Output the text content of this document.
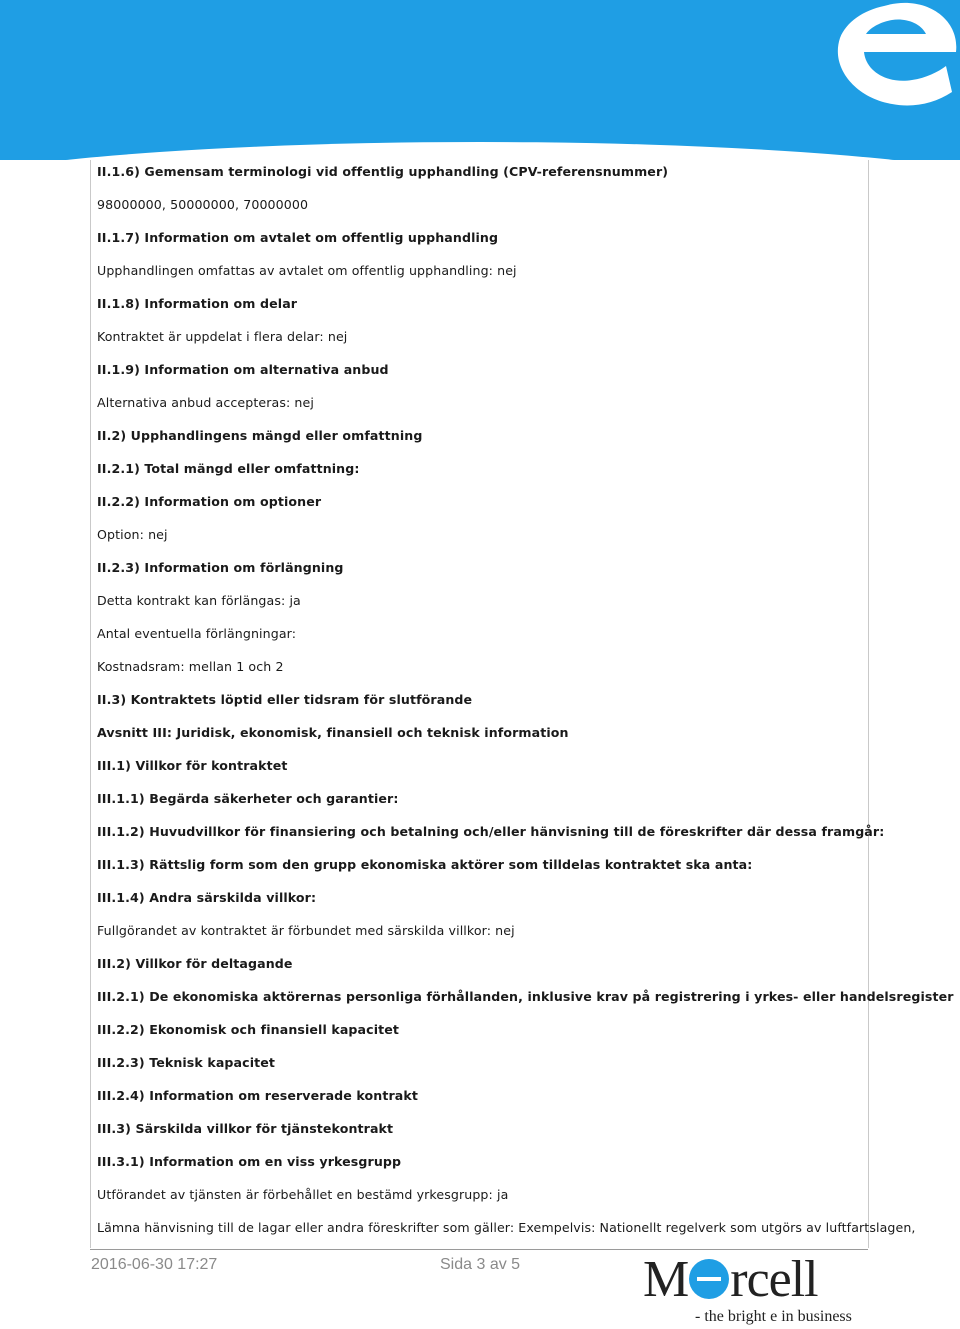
II.1.6) Gemensam terminologi vid offentlig upphandling (CPV-referensnummer)
98000000, 50000000, 70000000
II.1.7) Information om avtalet om offentlig upphandling
Upphandlingen omfattas av avtalet om offentlig upphandling: nej
II.1.8) Information om delar
Kontraktet är uppdelat i flera delar: nej
II.1.9) Information om alternativa anbud
Alternativa anbud accepteras: nej
II.2) Upphandlingens mängd eller omfattning
II.2.1) Total mängd eller omfattning:
II.2.2) Information om optioner
Option: nej
II.2.3) Information om förlängning
Detta kontrakt kan förlängas: ja
Antal eventuella förlängningar:
Kostnadsram: mellan 1 och 2
II.3) Kontraktets löptid eller tidsram för slutförande
Avsnitt III: Juridisk, ekonomisk, finansiell och teknisk information
III.1) Villkor för kontraktet
III.1.1) Begärda säkerheter och garantier:
III.1.2) Huvudvillkor för finansiering och betalning och/eller hänvisning till de föreskrifter där dessa framgår:
III.1.3) Rättslig form som den grupp ekonomiska aktörer som tilldelas kontraktet ska anta:
III.1.4) Andra särskilda villkor:
Fullgörandet av kontraktet är förbundet med särskilda villkor: nej
III.2) Villkor för deltagande
III.2.1) De ekonomiska aktörernas personliga förhållanden, inklusive krav på registrering i yrkes- eller handelsregister
III.2.2) Ekonomisk och finansiell kapacitet
III.2.3) Teknisk kapacitet
III.2.4) Information om reserverade kontrakt
III.3) Särskilda villkor för tjänstekontrakt
III.3.1) Information om en viss yrkesgrupp
Utförandet av tjänsten är förbehållet en bestämd yrkesgrupp: ja
Lämna hänvisning till de lagar eller andra föreskrifter som gäller: Exempelvis: Nationellt regelverk som utgörs av luftfartslagen,
2016-06-30 17:27	Sida 3 av 5 M rcell
- the bright e in business
